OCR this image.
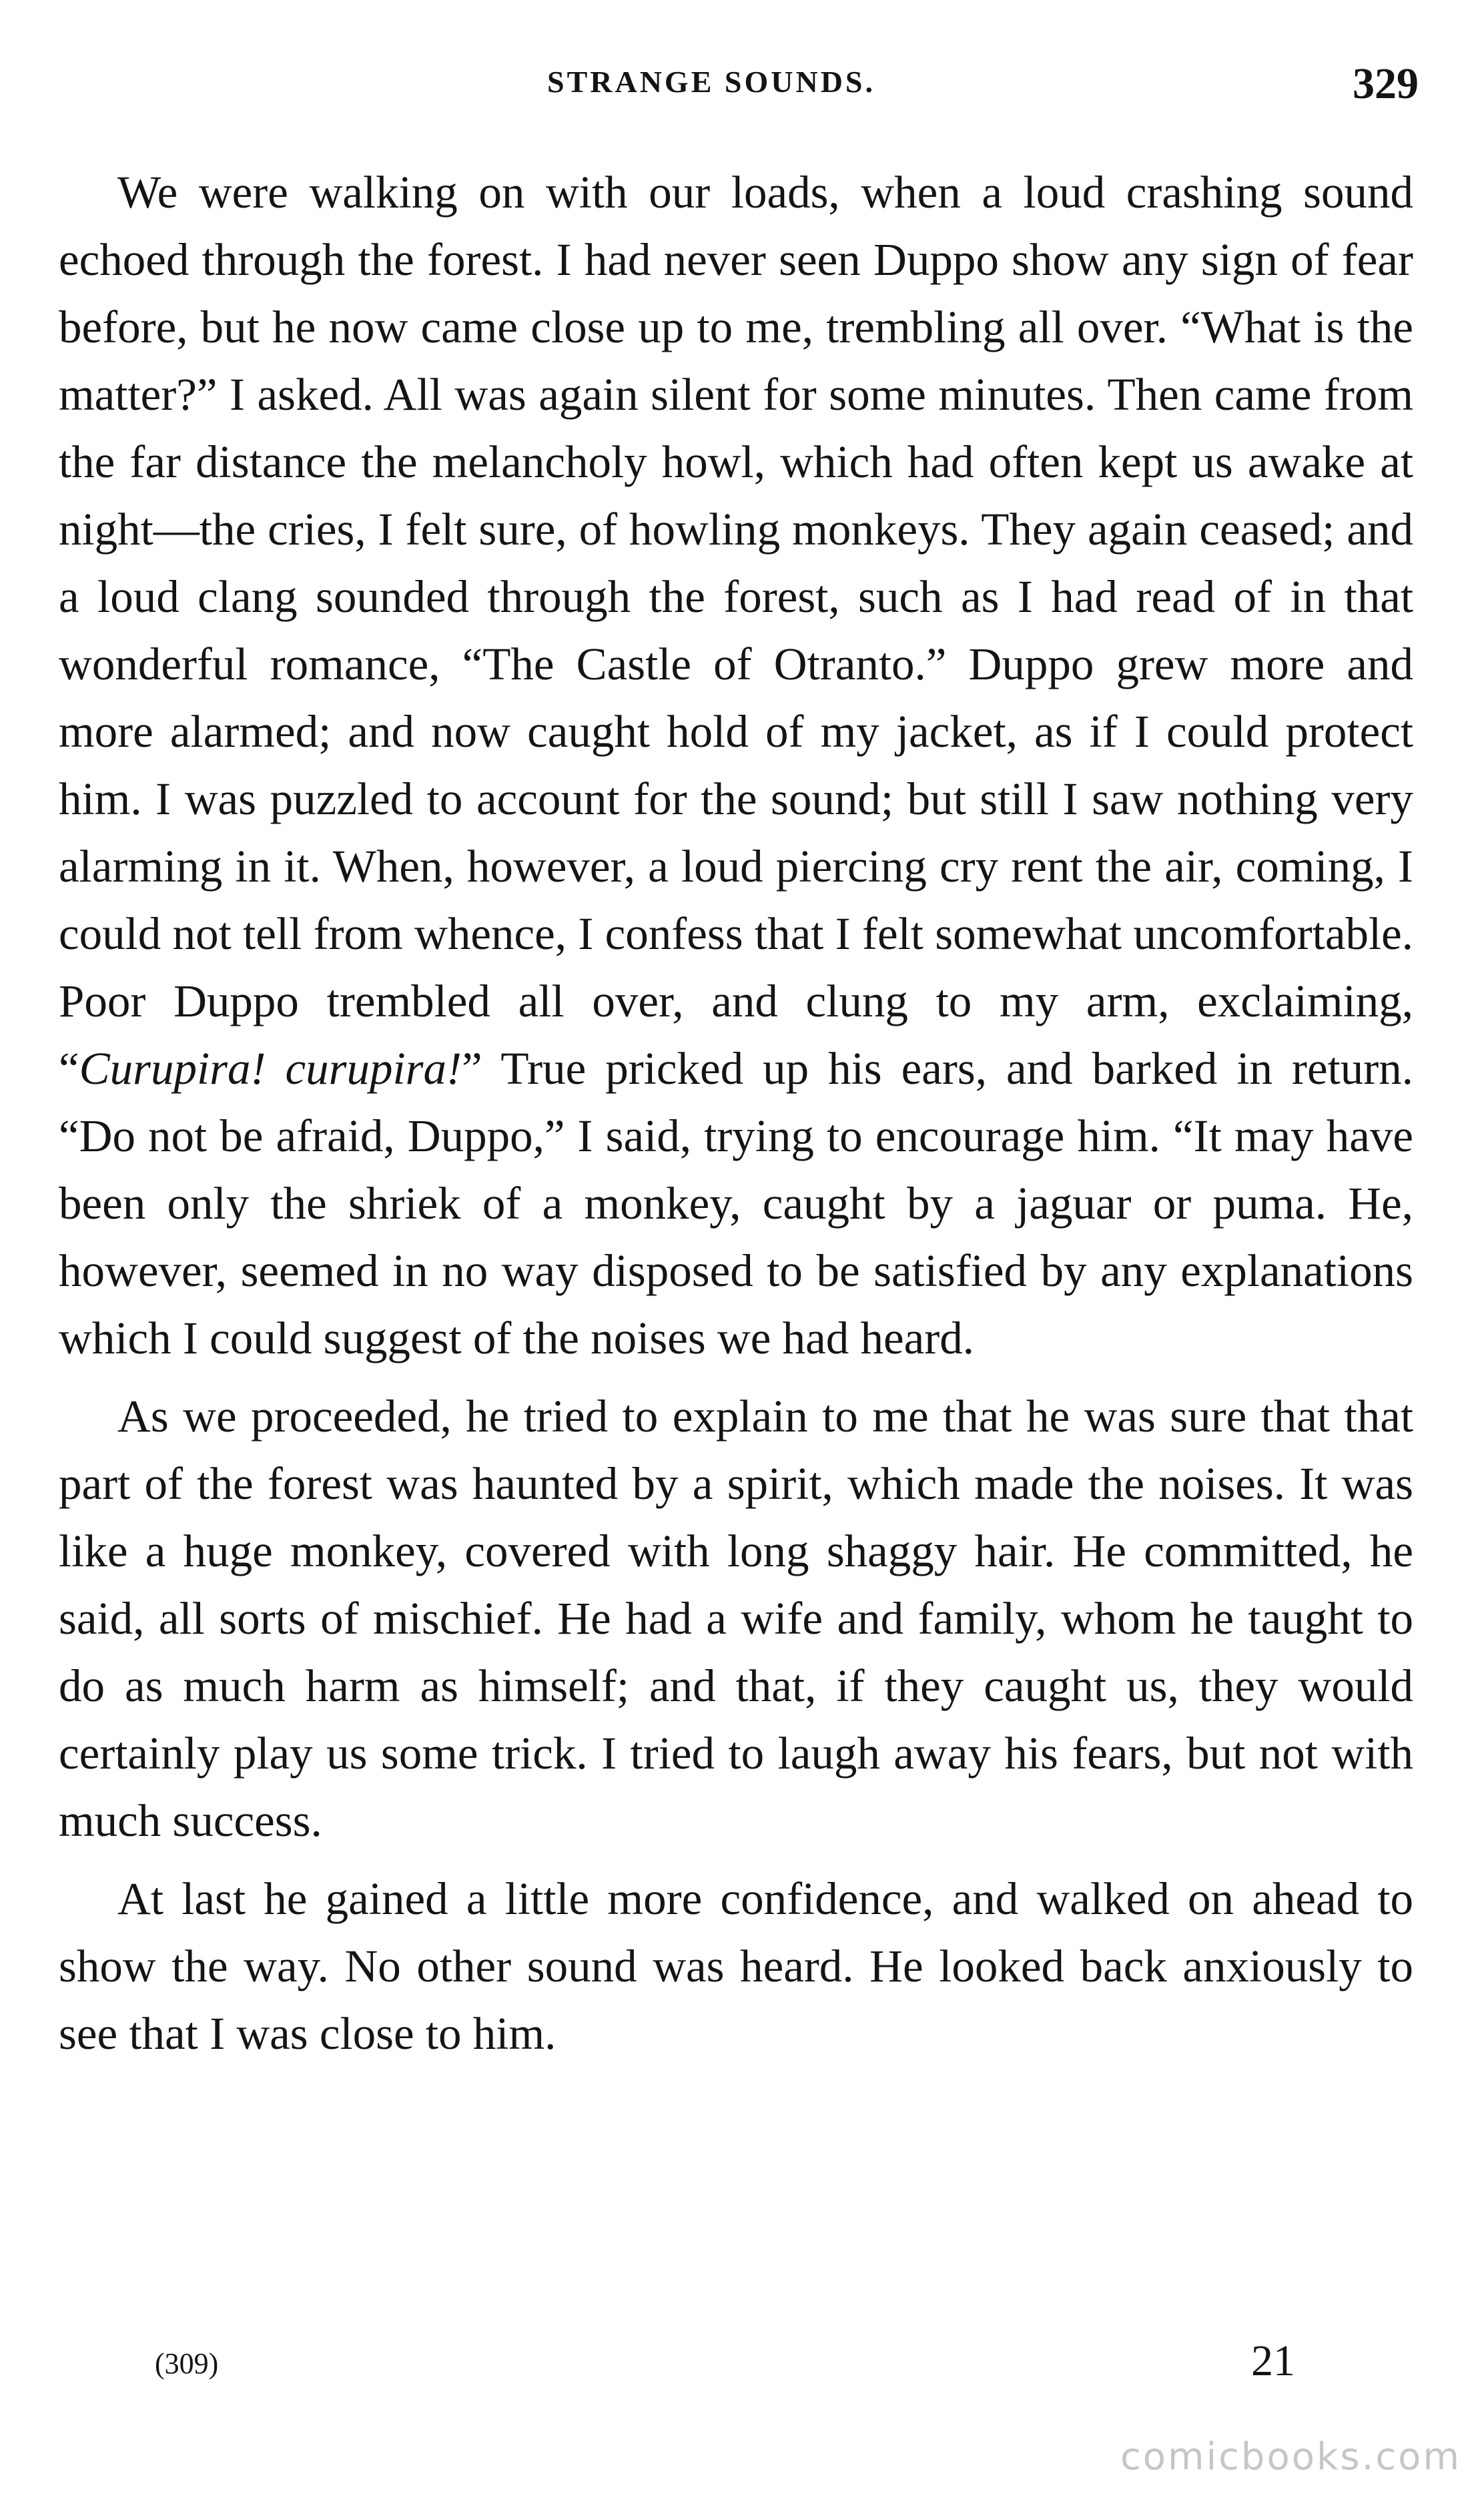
STRANGE SOUNDS.	329

We were walking on with our loads, when a loud crashing sound echoed through the forest. I had never seen Duppo show any sign of fear before, but he now came close up to me, trembling all over. “What is the matter?” I asked. All was again silent for some minutes. Then came from the far distance the melancholy howl, which had often kept us awake at night—the cries, I felt sure, of howling monkeys. They again ceased; and a loud clang sounded through the forest, such as I had read of in that wonderful romance, “The Castle of Otranto.” Duppo grew more and more alarmed; and now caught hold of my jacket, as if I could protect him. I was puzzled to account for the sound; but still I saw nothing very alarming in it. When, however, a loud piercing cry rent the air, coming, I could not tell from whence, I confess that I felt somewhat uncomfortable. Poor Duppo trembled all over, and clung to my arm, exclaiming, “Curupira! curupira!” True pricked up his ears, and barked in return. “Do not be afraid, Duppo,” I said, trying to encourage him. “It may have been only the shriek of a monkey, caught by a jaguar or puma. He, however, seemed in no way disposed to be satisfied by any explanations which I could suggest of the noises we had heard.

As we proceeded, he tried to explain to me that he was sure that that part of the forest was haunted by a spirit, which made the noises. It was like a huge monkey, covered with long shaggy hair. He committed, he said, all sorts of mischief. He had a wife and family, whom he taught to do as much harm as himself; and that, if they caught us, they would certainly play us some trick. I tried to laugh away his fears, but not with much success.

At last he gained a little more confidence, and walked on ahead to show the way. No other sound was heard. He looked back anxiously to see that I was close to him.

(309)	21
comicbooks.com
